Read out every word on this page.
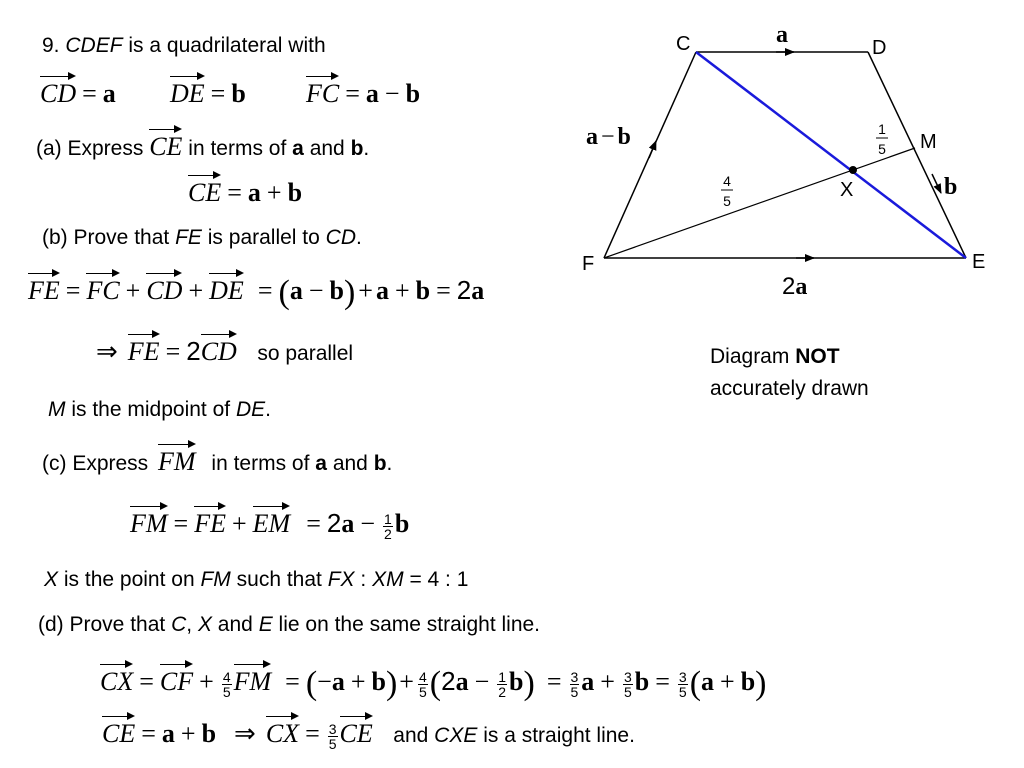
9. CDEF is a quadrilateral with
CD = a DE = b FC = a − b
(a) Express CE in terms of a and b.
CE = a + b
(b) Prove that FE is parallel to CD.
FE = FC + CD + DE = (a − b) + a + b = 2a
⇒ FE = 2CD so parallel
M is the midpoint of DE.
(c) Express FM in terms of a and b.
FM = FE + EM = $2a - \frac{1}{2}$ b
X is the point on FM such that FX : XM = 4 : 1
(d) Prove that C, X and E lie on the same straight line.
CX = CF + $\frac{4}{5}$ FM = $(-a + b)+ \frac{4}{5} (2a - \frac{1}{2} b) = \frac{3}{5}$ $a + \frac{3}{5}$ $b = \frac{3}{5} (a + b)$
CE = a + b ⇒ CX = $\frac{3}{5}$ CE and CXE is a straight line.
C	D
E
F
M
X
a
b
a − b
2a
4
5
1
5
Diagram NOT
accurately drawn
